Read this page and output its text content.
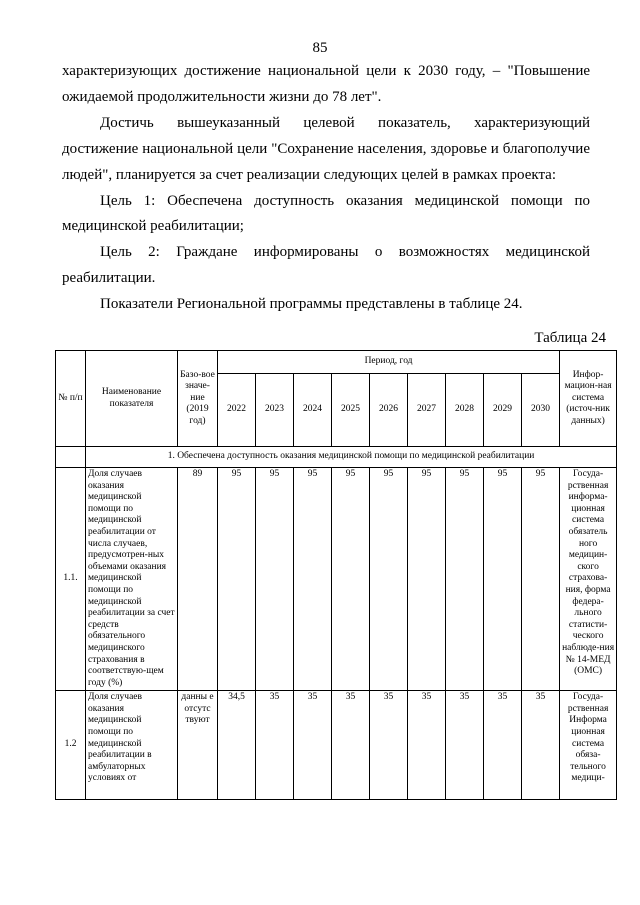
85

характеризующих достижение национальной цели к 2030 году, – "Повышение ожидаемой продолжительности жизни до 78 лет".

Достичь вышеуказанный целевой показатель, характеризующий достижение национальной цели "Сохранение населения, здоровье и благополучие людей", планируется за счет реализации следующих целей в рамках проекта:

Цель 1: Обеспечена доступность оказания медицинской помощи по медицинской реабилитации;

Цель 2: Граждане информированы о возможностях медицинской реабилитации.

Показатели Региональной программы представлены в таблице 24.

Таблица 24
№ п/п	Наименование показателя	Базо-вое значе-ние (2019 год)	Период, год									Инфор-мацион-ная система (источ-ник данных)
			2022	2023	2024	2025	2026	2027	2028	2029	2030	
	1. Обеспечена доступность оказания медицинской помощи по медицинской реабилитации											
1.1.	Доля случаев оказания медицинской помощи по медицинской реабилитации от числа случаев, предусмотрен-ных объемами оказания медицинской помощи по медицинской реабилитации за счет средств обязательного медицинского страхования в соответствую-щем году (%)	89	95	95	95	95	95	95	95	95	95	Госуда-рственная информа-ционная система обязатель ного медицин-ского страхова-ния, форма федера-льного статисти-ческого наблюде-ния № 14-МЕД (ОМС)
1.2	Доля случаев оказания медицинской помощи по медицинской реабилитации в амбулаторных условиях от	данны е отсутс твуют	34,5	35	35	35	35	35	35	35	35	Госуда-рственная Информа ционная система обяза-тельного медици-
